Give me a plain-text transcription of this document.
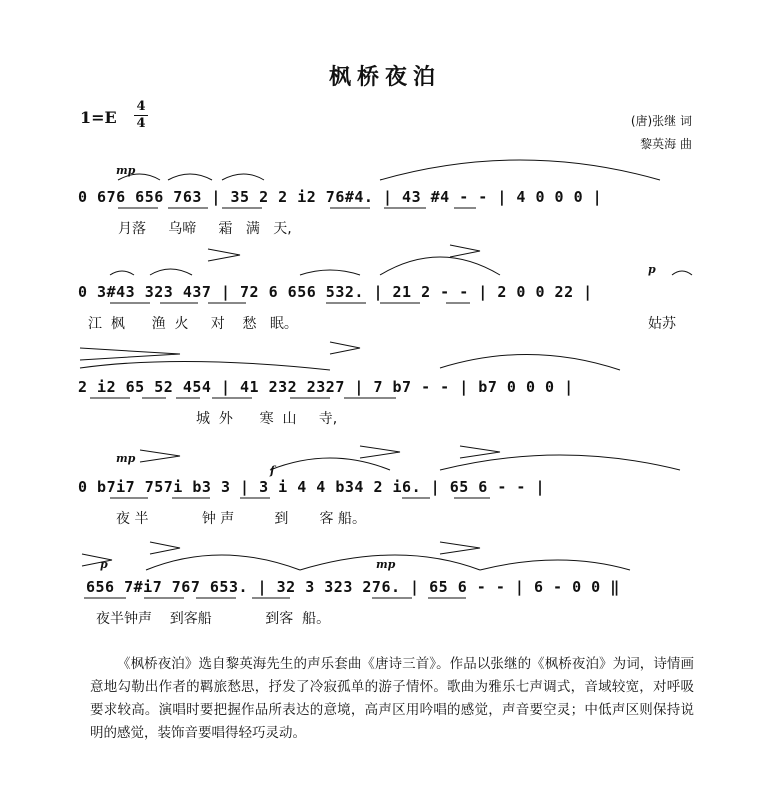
枫桥夜泊
1=E
4
4	(唐)张继 词
黎英海 曲
mp
0 676 656 763 | 35 2 2 i2 76#4. | 43 #4 - - | 4 0 0 0 |
月落     乌啼     霜   满   天,
p
0 3#43 323 437 | 72 6 656 532. | 21 2 - - | 2 0 0 22 |
江  枫      渔  火     对    愁   眠。	姑苏
2 i2 65 52 454 | 41 232 2327 | 7 b7 - - | b7 0 0 0 |
城  外      寒  山     寺,
mp
f
0 b7i7 757i b3 3 | 3 i 4 4 b34 2 i6. | 65 6 - - |
夜 半            钟 声         到       客 船。
p	mp
656 7#i7 767 653. | 32 3 323 276. | 65 6 - - | 6 - 0 0 ‖
夜半钟声    到客船            到客  船。
《枫桥夜泊》选自黎英海先生的声乐套曲《唐诗三首》。作品以张继的《枫桥夜泊》为词，诗情画意地勾勒出作者的羁旅愁思，抒发了冷寂孤单的游子情怀。歌曲为雅乐七声调式，音域较宽，对呼吸要求较高。演唱时要把握作品所表达的意境，高声区用吟唱的感觉，声音要空灵；中低声区则保持说明的感觉，装饰音要唱得轻巧灵动。
